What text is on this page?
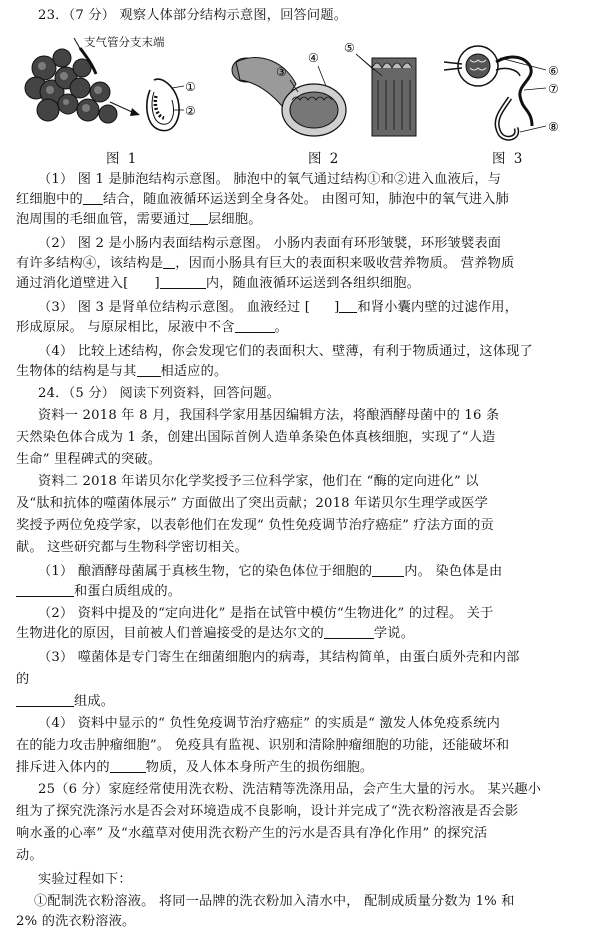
23．（7 分） 观察人体部分结构示意图，回答问题。
支气管分支末端
①
②
③
④
⑤
⑥
⑦
⑧
图 1	图 2	图 3
（1） 图 1 是肺泡结构示意图。 肺泡中的氧气通过结构①和②进入血液后，与
红细胞中的 结合，随血液循环运送到全身各处。 由图可知，肺泡中的氧气进入肺
泡周围的毛细血管，需要通过 层细胞。
（2） 图 2 是小肠内表面结构示意图。 小肠内表面有环形皱襞，环形皱襞表面
有许多结构④，该结构是 ，因而小肠具有巨大的表面积来吸收营养物质。 营养物质
通过消化道壁进入[ ]	内，随血液循环运送到各组织细胞。
（3） 图 3 是肾单位结构示意图。 血液经过 [ ] 和肾小囊内壁的过滤作用，
形成原尿。 与原尿相比，尿液中不含	。
（4） 比较上述结构，你会发现它们的表面积大、壁薄，有利于物质通过，这体现了
生物体的结构是与其 相适应的。
24．（5 分） 阅读下列资料，回答问题。
资料一 2018 年 8 月，我国科学家用基因编辑方法，将酿酒酵母菌中的 16 条
天然染色体合成为 1 条，创建出国际首例人造单条染色体真核细胞，实现了“人造
生命” 里程碑式的突破。
资料二 2018 年诺贝尔化学奖授予三位科学家，他们在 “酶的定向进化” 以
及“肽和抗体的噬菌体展示” 方面做出了突出贡献；2018 年诺贝尔生理学或医学
奖授予两位免疫学家，以表彰他们在发现“ 负性免疫调节治疗癌症” 疗法方面的贡
献。 这些研究都与生物科学密切相关。
（1） 酿酒酵母菌属于真核生物，它的染色体位于细胞的 内。 染色体是由
和蛋白质组成的。
（2） 资料中提及的“定向进化” 是指在试管中模仿“生物进化” 的过程。 关于
生物进化的原因，目前被人们普遍接受的是达尔文的	学说。
（3） 噬菌体是专门寄生在细菌细胞内的病毒，其结构简单，由蛋白质外壳和内部
的
组成。
（4） 资料中显示的“ 负性免疫调节治疗癌症” 的实质是“ 激发人体免疫系统内
在的能力攻击肿瘤细胞”。 免疫具有监视、识别和清除肿瘤细胞的功能，还能破坏和
排斥进入体内的	物质，及人体本身所产生的损伤细胞。
25（6 分）家庭经常使用洗衣粉、洗洁精等洗涤用品，会产生大量的污水。 某兴趣小
组为了探究洗涤污水是否会对环境造成不良影响，设计并完成了“洗衣粉溶液是否会影
响水蚤的心率” 及“水蕴草对使用洗衣粉产生的污水是否具有净化作用” 的探究活
动。
实验过程如下：
①配制洗衣粉溶液。 将同一品牌的洗衣粉加入清水中， 配制成质量分数为 1% 和
2% 的洗衣粉溶液。
